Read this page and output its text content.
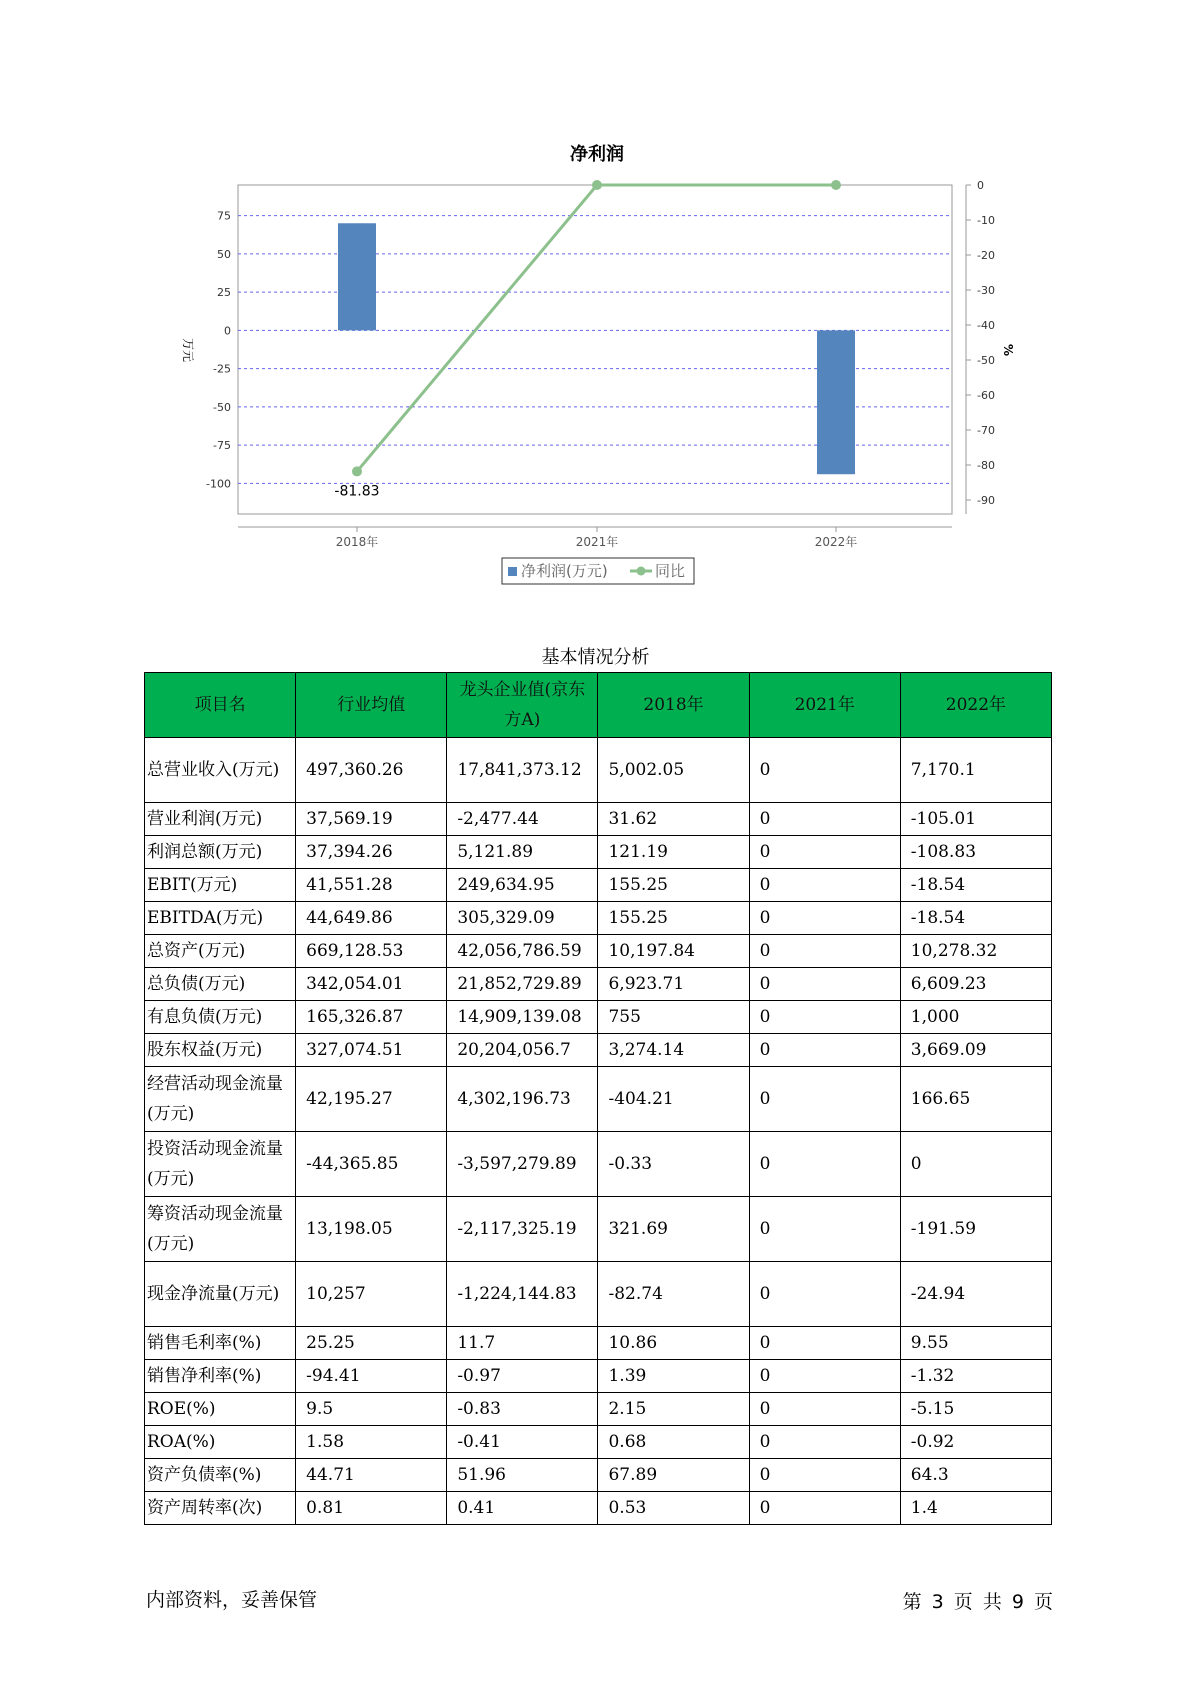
净利润
-81.83
75
50
25
0
-25
-50
-75
-100
0
-10
-20
-30
-40
-50
-60
-70
-80
-90
2018年	2021年	2022年
万元	%
净利润(万元)	同比
基本情况分析
项目名	行业均值	龙头企业值(京东方A)	2018年	2021年	2022年
总营业收入(万元)	497,360.26	17,841,373.12	5,002.05	0	7,170.1
营业利润(万元)	37,569.19	-2,477.44	31.62	0	-105.01
利润总额(万元)	37,394.26	5,121.89	121.19	0	-108.83
EBIT(万元)	41,551.28	249,634.95	155.25	0	-18.54
EBITDA(万元)	44,649.86	305,329.09	155.25	0	-18.54
总资产(万元)	669,128.53	42,056,786.59	10,197.84	0	10,278.32
总负债(万元)	342,054.01	21,852,729.89	6,923.71	0	6,609.23
有息负债(万元)	165,326.87	14,909,139.08	755	0	1,000
股东权益(万元)	327,074.51	20,204,056.7	3,274.14	0	3,669.09
经营活动现金流量(万元)	42,195.27	4,302,196.73	-404.21	0	166.65
投资活动现金流量(万元)	-44,365.85	-3,597,279.89	-0.33	0	0
筹资活动现金流量(万元)	13,198.05	-2,117,325.19	321.69	0	-191.59
现金净流量(万元)	10,257	-1,224,144.83	-82.74	0	-24.94
销售毛利率(%)	25.25	11.7	10.86	0	9.55
销售净利率(%)	-94.41	-0.97	1.39	0	-1.32
ROE(%)	9.5	-0.83	2.15	0	-5.15
ROA(%)	1.58	-0.41	0.68	0	-0.92
资产负债率(%)	44.71	51.96	67.89	0	64.3
资产周转率(次)	0.81	0.41	0.53	0	1.4
内部资料，妥善保管	第 3 页 共 9 页
